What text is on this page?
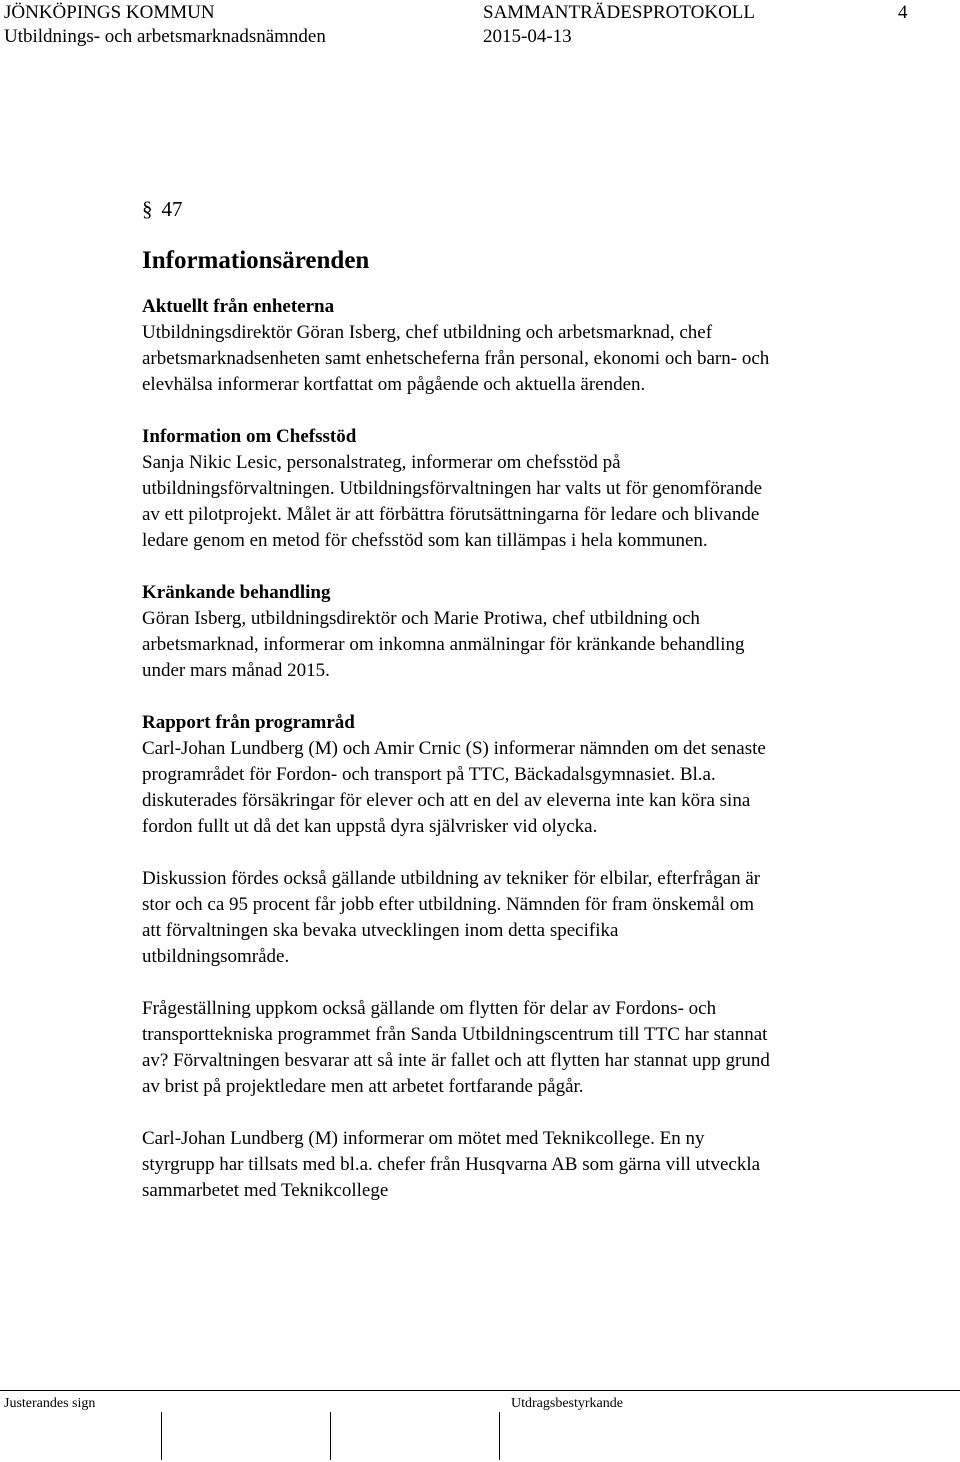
JÖNKÖPINGS KOMMUN
Utbildnings- och arbetsmarknadsnämnden
SAMMANTRÄDESPROTOKOLL
2015-04-13
4
§ 47
Informationsärenden
Aktuellt från enheterna

Utbildningsdirektör Göran Isberg, chef utbildning och arbetsmarknad, chef
arbetsmarknadsenheten samt enhetscheferna från personal, ekonomi och barn- och
elevhälsa informerar kortfattat om pågående och aktuella ärenden.

Information om Chefsstöd

Sanja Nikic Lesic, personalstrateg, informerar om chefsstöd på
utbildningsförvaltningen. Utbildningsförvaltningen har valts ut för genomförande
av ett pilotprojekt. Målet är att förbättra förutsättningarna för ledare och blivande
ledare genom en metod för chefsstöd som kan tillämpas i hela kommunen.

Kränkande behandling

Göran Isberg, utbildningsdirektör och Marie Protiwa, chef utbildning och
arbetsmarknad, informerar om inkomna anmälningar för kränkande behandling
under mars månad 2015.

Rapport från programråd

Carl-Johan Lundberg (M) och Amir Crnic (S) informerar nämnden om det senaste
programrådet för Fordon- och transport på TTC, Bäckadalsgymnasiet. Bl.a.
diskuterades försäkringar för elever och att en del av eleverna inte kan köra sina
fordon fullt ut då det kan uppstå dyra självrisker vid olycka.

Diskussion fördes också gällande utbildning av tekniker för elbilar, efterfrågan är
stor och ca 95 procent får jobb efter utbildning. Nämnden för fram önskemål om
att förvaltningen ska bevaka utvecklingen inom detta specifika
utbildningsområde.

Frågeställning uppkom också gällande om flytten för delar av Fordons- och
transporttekniska programmet från Sanda Utbildningscentrum till TTC har stannat
av? Förvaltningen besvarar att så inte är fallet och att flytten har stannat upp grund
av brist på projektledare men att arbetet fortfarande pågår.

Carl-Johan Lundberg (M) informerar om mötet med Teknikcollege. En ny
styrgrupp har tillsats med bl.a. chefer från Husqvarna AB som gärna vill utveckla
sammarbetet med Teknikcollege

Justerandes sign	Utdragsbestyrkande
